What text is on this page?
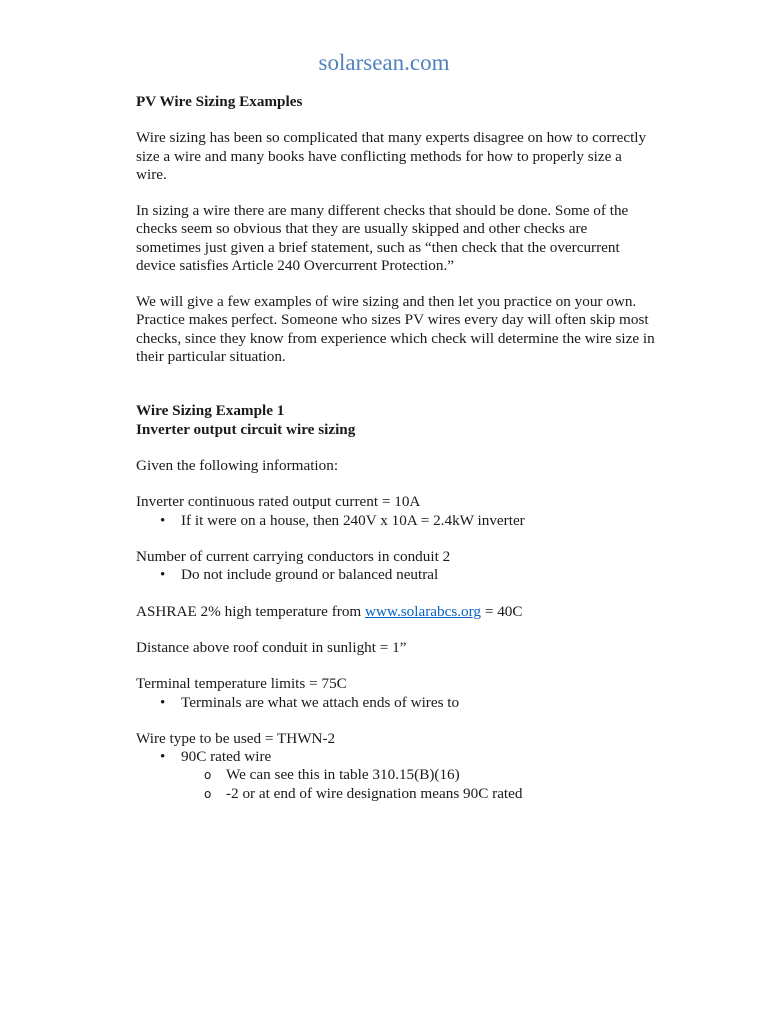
solarsean.com

PV Wire Sizing Examples

Wire sizing has been so complicated that many experts disagree on how to correctly size a wire and many books have conflicting methods for how to properly size a wire.

In sizing a wire there are many different checks that should be done. Some of the checks seem so obvious that they are usually skipped and other checks are sometimes just given a brief statement, such as “then check that the overcurrent device satisfies Article 240 Overcurrent Protection.”

We will give a few examples of wire sizing and then let you practice on your own. Practice makes perfect. Someone who sizes PV wires every day will often skip most checks, since they know from experience which check will determine the wire size in their particular situation.

Wire Sizing Example 1

Inverter output circuit wire sizing

Given the following information:

Inverter continuous rated output current = 10A

• If it were on a house, then 240V x 10A = 2.4kW inverter

Number of current carrying conductors in conduit 2

• Do not include ground or balanced neutral

ASHRAE 2% high temperature from www.solarabcs.org = 40C

Distance above roof conduit in sunlight = 1”

Terminal temperature limits = 75C

• Terminals are what we attach ends of wires to

Wire type to be used = THWN-2

• 90C rated wire
o We can see this in table 310.15(B)(16)
o -2 or at end of wire designation means 90C rated
